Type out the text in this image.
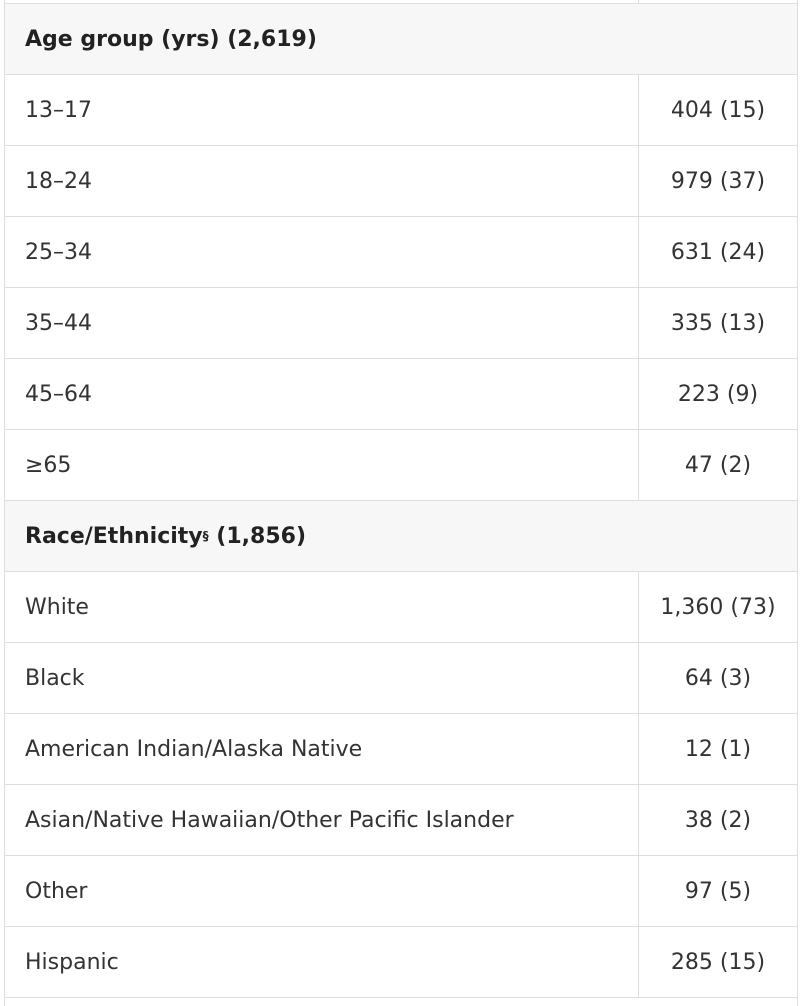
Age group (yrs) (2,619)
13–17	404 (15)
18–24	979 (37)
25–34	631 (24)
35–44	335 (13)
45–64	223 (9)
≥65	47 (2)
Race/Ethnicity § (1,856)
White	1,360 (73)
Black	64 (3)
American Indian/Alaska Native	12 (1)
Asian/Native Hawaiian/Other Pacific Islander	38 (2)
Other	97 (5)
Hispanic	285 (15)
